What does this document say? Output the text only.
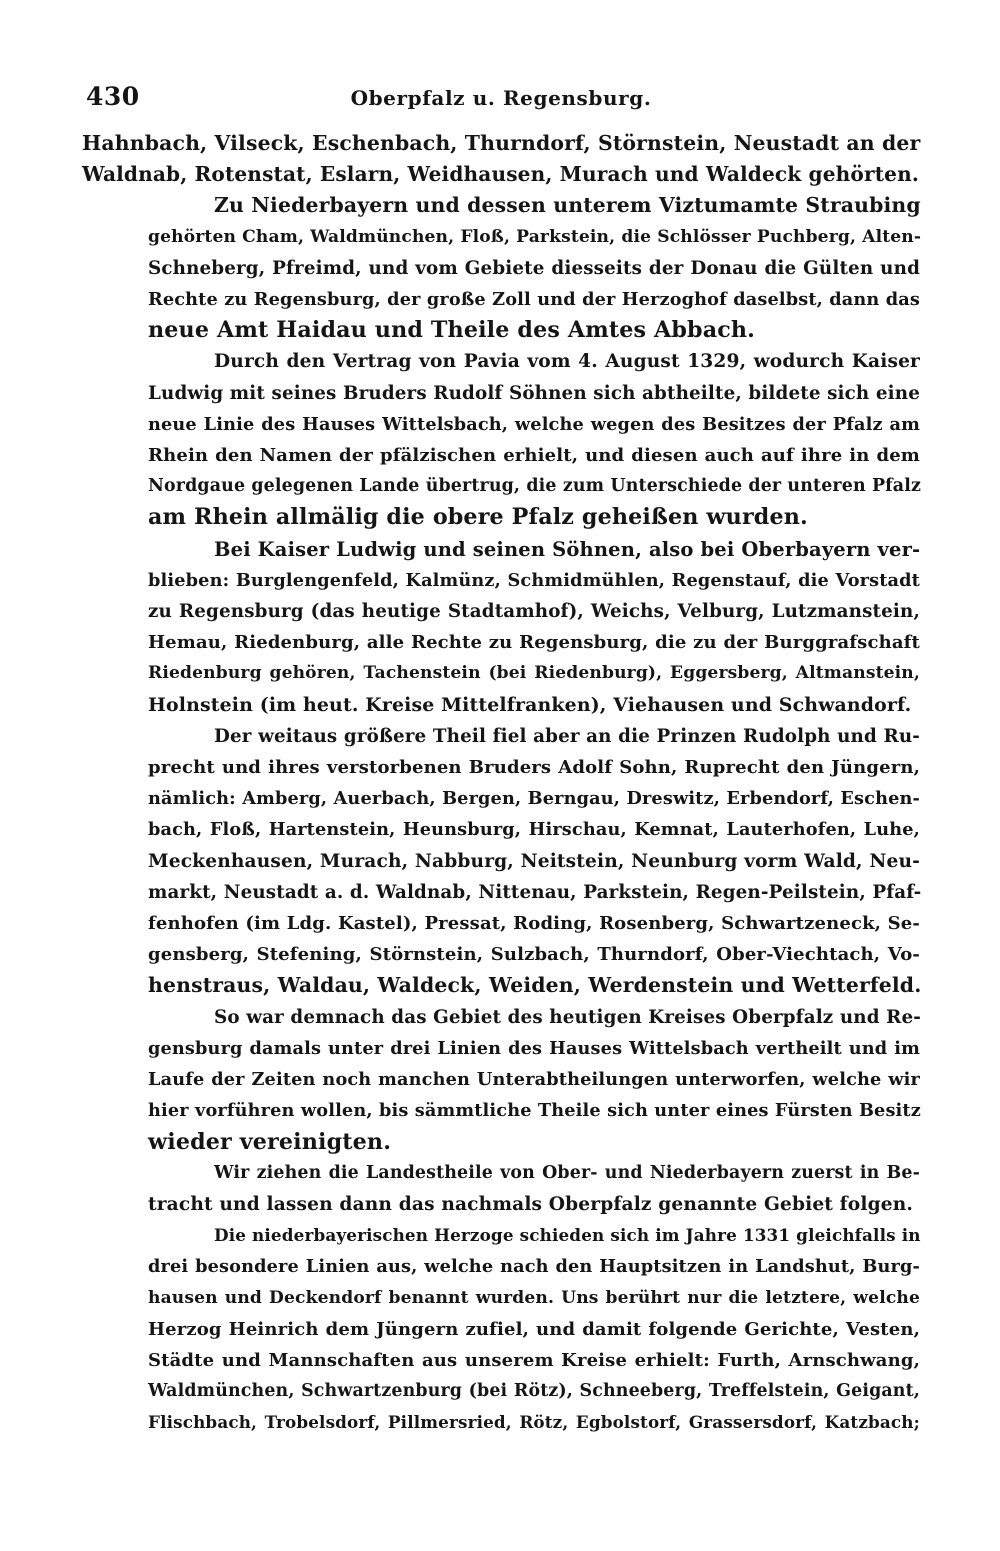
430	Oberpfalz u. Regensburg.
Hahnbach, Vilseck, Eschenbach, Thurndorf, Störnstein, Neustadt an der
Waldnab, Rotenstat, Eslarn, Weidhausen, Murach und Waldeck gehörten.
Zu Niederbayern und dessen unterem Viztumamte Straubing
gehörten Cham, Waldmünchen, Floß, Parkstein, die Schlösser Puchberg, Alten-
Schneberg, Pfreimd, und vom Gebiete diesseits der Donau die Gülten und
Rechte zu Regensburg, der große Zoll und der Herzoghof daselbst, dann das
neue Amt Haidau und Theile des Amtes Abbach.
Durch den Vertrag von Pavia vom 4. August 1329, wodurch Kaiser
Ludwig mit seines Bruders Rudolf Söhnen sich abtheilte, bildete sich eine
neue Linie des Hauses Wittelsbach, welche wegen des Besitzes der Pfalz am
Rhein den Namen der pfälzischen erhielt, und diesen auch auf ihre in dem
Nordgaue gelegenen Lande übertrug, die zum Unterschiede der unteren Pfalz
am Rhein allmälig die obere Pfalz geheißen wurden.
Bei Kaiser Ludwig und seinen Söhnen, also bei Oberbayern ver-
blieben: Burglengenfeld, Kalmünz, Schmidmühlen, Regenstauf, die Vorstadt
zu Regensburg (das heutige Stadtamhof), Weichs, Velburg, Lutzmanstein,
Hemau, Riedenburg, alle Rechte zu Regensburg, die zu der Burggrafschaft
Riedenburg gehören, Tachenstein (bei Riedenburg), Eggersberg, Altmanstein,
Holnstein (im heut. Kreise Mittelfranken), Viehausen und Schwandorf.
Der weitaus größere Theil fiel aber an die Prinzen Rudolph und Ru-
precht und ihres verstorbenen Bruders Adolf Sohn, Ruprecht den Jüngern,
nämlich: Amberg, Auerbach, Bergen, Berngau, Dreswitz, Erbendorf, Eschen-
bach, Floß, Hartenstein, Heunsburg, Hirschau, Kemnat, Lauterhofen, Luhe,
Meckenhausen, Murach, Nabburg, Neitstein, Neunburg vorm Wald, Neu-
markt, Neustadt a. d. Waldnab, Nittenau, Parkstein, Regen-Peilstein, Pfaf-
fenhofen (im Ldg. Kastel), Pressat, Roding, Rosenberg, Schwartzeneck, Se-
gensberg, Stefening, Störnstein, Sulzbach, Thurndorf, Ober-Viechtach, Vo-
henstraus, Waldau, Waldeck, Weiden, Werdenstein und Wetterfeld.
So war demnach das Gebiet des heutigen Kreises Oberpfalz und Re-
gensburg damals unter drei Linien des Hauses Wittelsbach vertheilt und im
Laufe der Zeiten noch manchen Unterabtheilungen unterworfen, welche wir
hier vorführen wollen, bis sämmtliche Theile sich unter eines Fürsten Besitz
wieder vereinigten.
Wir ziehen die Landestheile von Ober- und Niederbayern zuerst in Be-
tracht und lassen dann das nachmals Oberpfalz genannte Gebiet folgen.
Die niederbayerischen Herzoge schieden sich im Jahre 1331 gleichfalls in
drei besondere Linien aus, welche nach den Hauptsitzen in Landshut, Burg-
hausen und Deckendorf benannt wurden. Uns berührt nur die letztere, welche
Herzog Heinrich dem Jüngern zufiel, und damit folgende Gerichte, Vesten,
Städte und Mannschaften aus unserem Kreise erhielt: Furth, Arnschwang,
Waldmünchen, Schwartzenburg (bei Rötz), Schneeberg, Treffelstein, Geigant,
Flischbach, Trobelsdorf, Pillmersried, Rötz, Egbolstorf, Grassersdorf, Katzbach;
